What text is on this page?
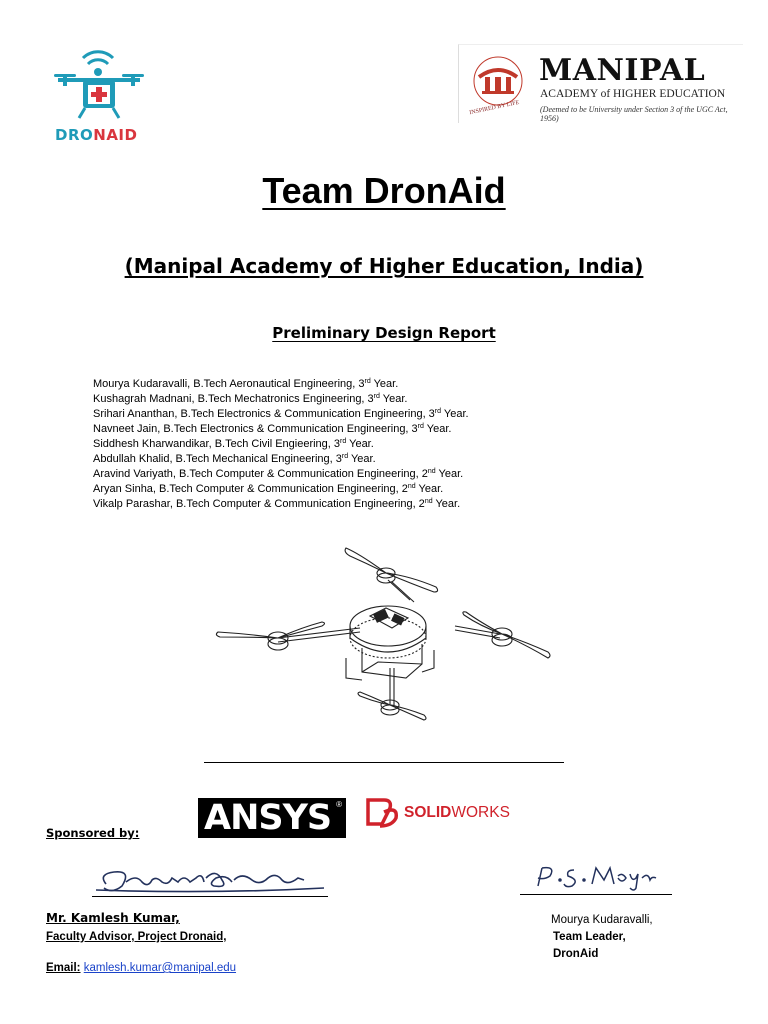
DRONAID
INSPIRED BY LIFE
MANIPAL
ACADEMY of HIGHER EDUCATION
(Deemed to be University under Section 3 of the UGC Act, 1956)
Team DronAid
(Manipal Academy of Higher Education, India)
Preliminary Design Report
Mourya Kudaravalli, B.Tech Aeronautical Engineering, 3rd Year.
Kushagrah Madnani, B.Tech Mechatronics Engineering, 3rd Year.
Srihari Ananthan, B.Tech Electronics & Communication Engineering, 3rd Year.
Navneet Jain, B.Tech Electronics & Communication Engineering, 3rd Year.
Siddhesh Kharwandikar, B.Tech Civil Engieering, 3rd Year.
Abdullah Khalid, B.Tech Mechanical Engineering, 3rd Year.
Aravind Variyath, B.Tech Computer & Communication Engineering, 2nd Year.
Aryan Sinha, B.Tech Computer & Communication Engineering, 2nd Year.
Vikalp Parashar, B.Tech Computer & Communication Engineering, 2nd Year.
Sponsored by: ANSYS ®	SOLIDWORKS
Mr. Kamlesh Kumar,
Faculty Advisor, Project Dronaid,
Email: kamlesh.kumar@manipal.edu
Mourya Kudaravalli,
Team Leader,
DronAid
